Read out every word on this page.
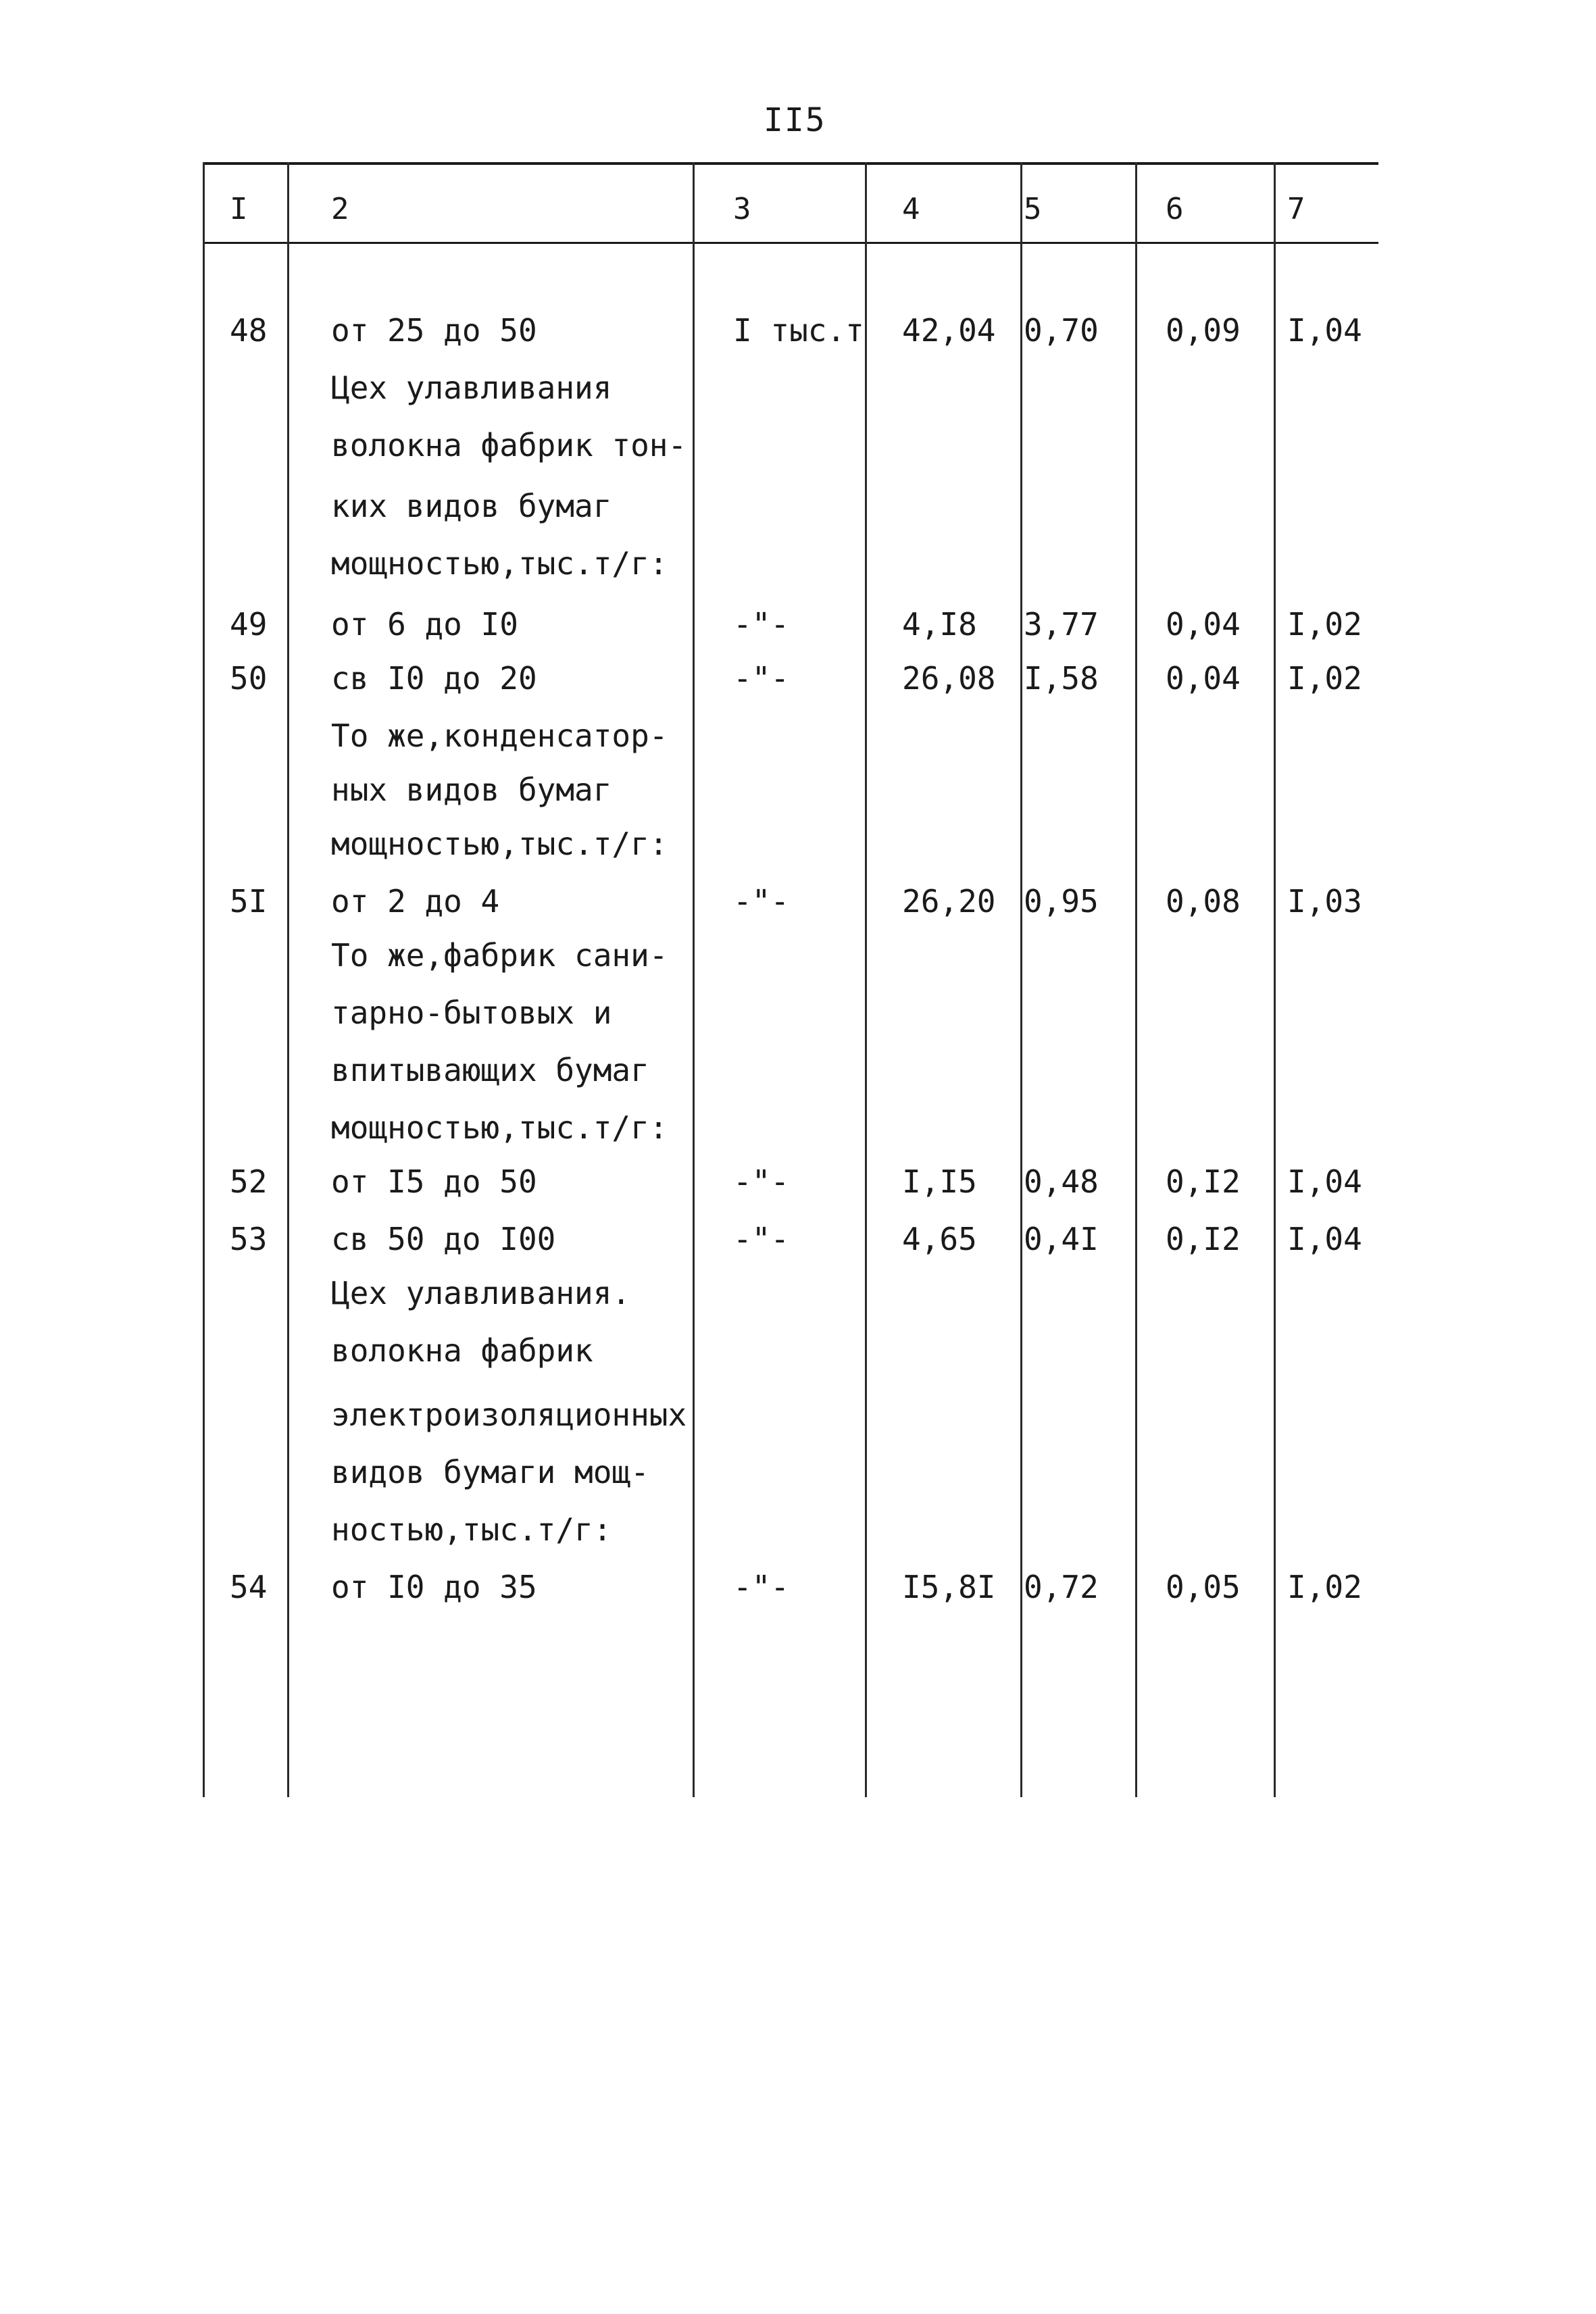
II5
I	2	3	4	5	6	7
48 от 25 до 50	I тыс.т 42,04 0,70 0,09 I,04
Цех улавливания
волокна фабрик тон-
ких видов бумаг
мощностью,тыс.т/г:
49 от 6 до I0	-"-	4,I8 3,77 0,04 I,02
50 св I0 до 20	-"-	26,08 I,58 0,04 I,02
То же,конденсатор-
ных видов бумаг
мощностью,тыс.т/г:
5I от 2 до 4	-"-	26,20 0,95 0,08 I,03
То же,фабрик сани-
тарно-бытовых и
впитывающих бумаг
мощностью,тыс.т/г:
52 от I5 до 50	-"-	I,I5 0,48 0,I2 I,04
53 св 50 до I00	-"-	4,65 0,4I 0,I2 I,04
Цех улавливания.
волокна фабрик
электроизоляционных
видов бумаги мощ-
ностью,тыс.т/г:
54 от I0 до 35	-"-	I5,8I 0,72 0,05 I,02
